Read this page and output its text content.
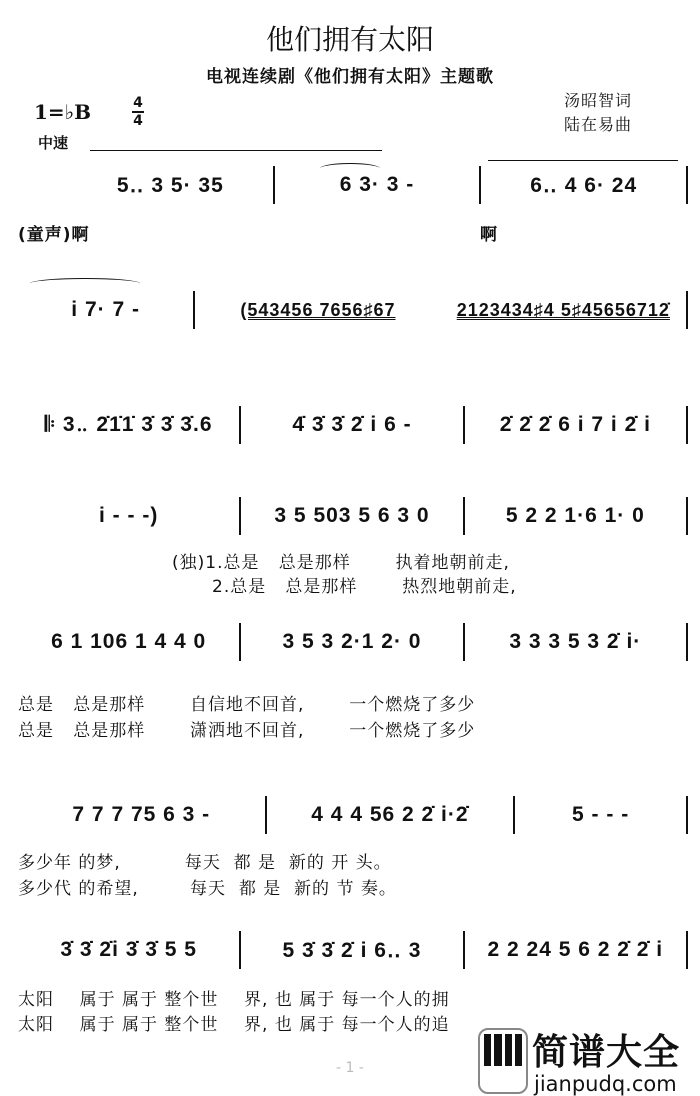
他们拥有太阳
电视连续剧《他们拥有太阳》主题歌
汤昭智词
陆在易曲
1=♭B	4
4
中速
5‥ 3 5· 35	6 3· 3 -	6‥ 4 6· 24
(童声)啊	啊
i 7· 7 -	(543456 7656♯67	2123434♯4 5♯45656712̇
𝄆 3‥ 2̇1̇1̇ 3̇ 3̇ 3̇.6	4̇ 3̇ 3̇ 2̇ i 6 -	2̇ 2̇ 2̇ 6 i 7 i 2̇ i
i - - -)	3 5 503 5 6 3 0	5 2 2 1·6 1· 0
(独)1.总是   总是那样       执着地朝前走,
2.总是   总是那样       热烈地朝前走,
6 1 106 1 4 4 0	3 5 3 2·1 2· 0	3 3 3 5 3 2̇ i·
总是   总是那样       自信地不回首,       一个燃烧了多少
总是   总是那样       潇洒地不回首,       一个燃烧了多少
7 7 7 75 6 3 -	4 4 4 56 2 2̇ i·2̇	5 - - -
多少年 的梦,          每天  都 是  新的 开 头。
多少代 的希望,        每天  都 是  新的 节 奏。
3̇ 3̇ 2̇i 3̇ 3̇ 5 5	5 3̇ 3̇ 2̇ i 6‥ 3	2 2 24 5 6 2 2̇ 2̇ i
太阳    属于 属于 整个世    界, 也 属于 每一个人的拥
太阳    属于 属于 整个世    界, 也 属于 每一个人的追
- 1 -	简谱大全
jianpudq.com
